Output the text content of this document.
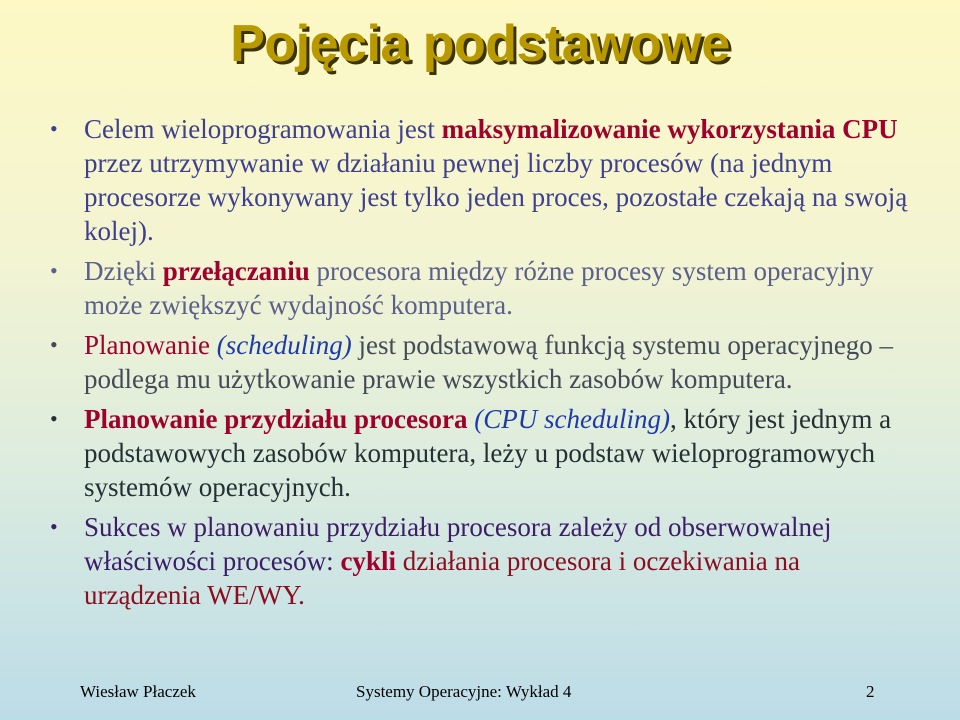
Pojęcia podstawowe
• Celem wieloprogramowania jest maksymalizowanie wykorzystania CPU przez utrzymywanie w działaniu pewnej liczby procesów (na jednym procesorze wykonywany jest tylko jeden proces, pozostałe czekają na swoją kolej).
• Dzięki przełączaniu procesora między różne procesy system operacyjny może zwiększyć wydajność komputera.
• Planowanie (scheduling) jest podstawową funkcją systemu operacyjnego – podlega mu użytkowanie prawie wszystkich zasobów komputera.
• Planowanie przydziału procesora (CPU scheduling), który jest jednym a podstawowych zasobów komputera, leży u podstaw wieloprogramowych systemów operacyjnych.
• Sukces w planowaniu przydziału procesora zależy od obserwowalnej właściwości procesów: cykli działania procesora i oczekiwania na urządzenia WE/WY.
Wiesław Płaczek	Systemy Operacyjne: Wykład 4	2
